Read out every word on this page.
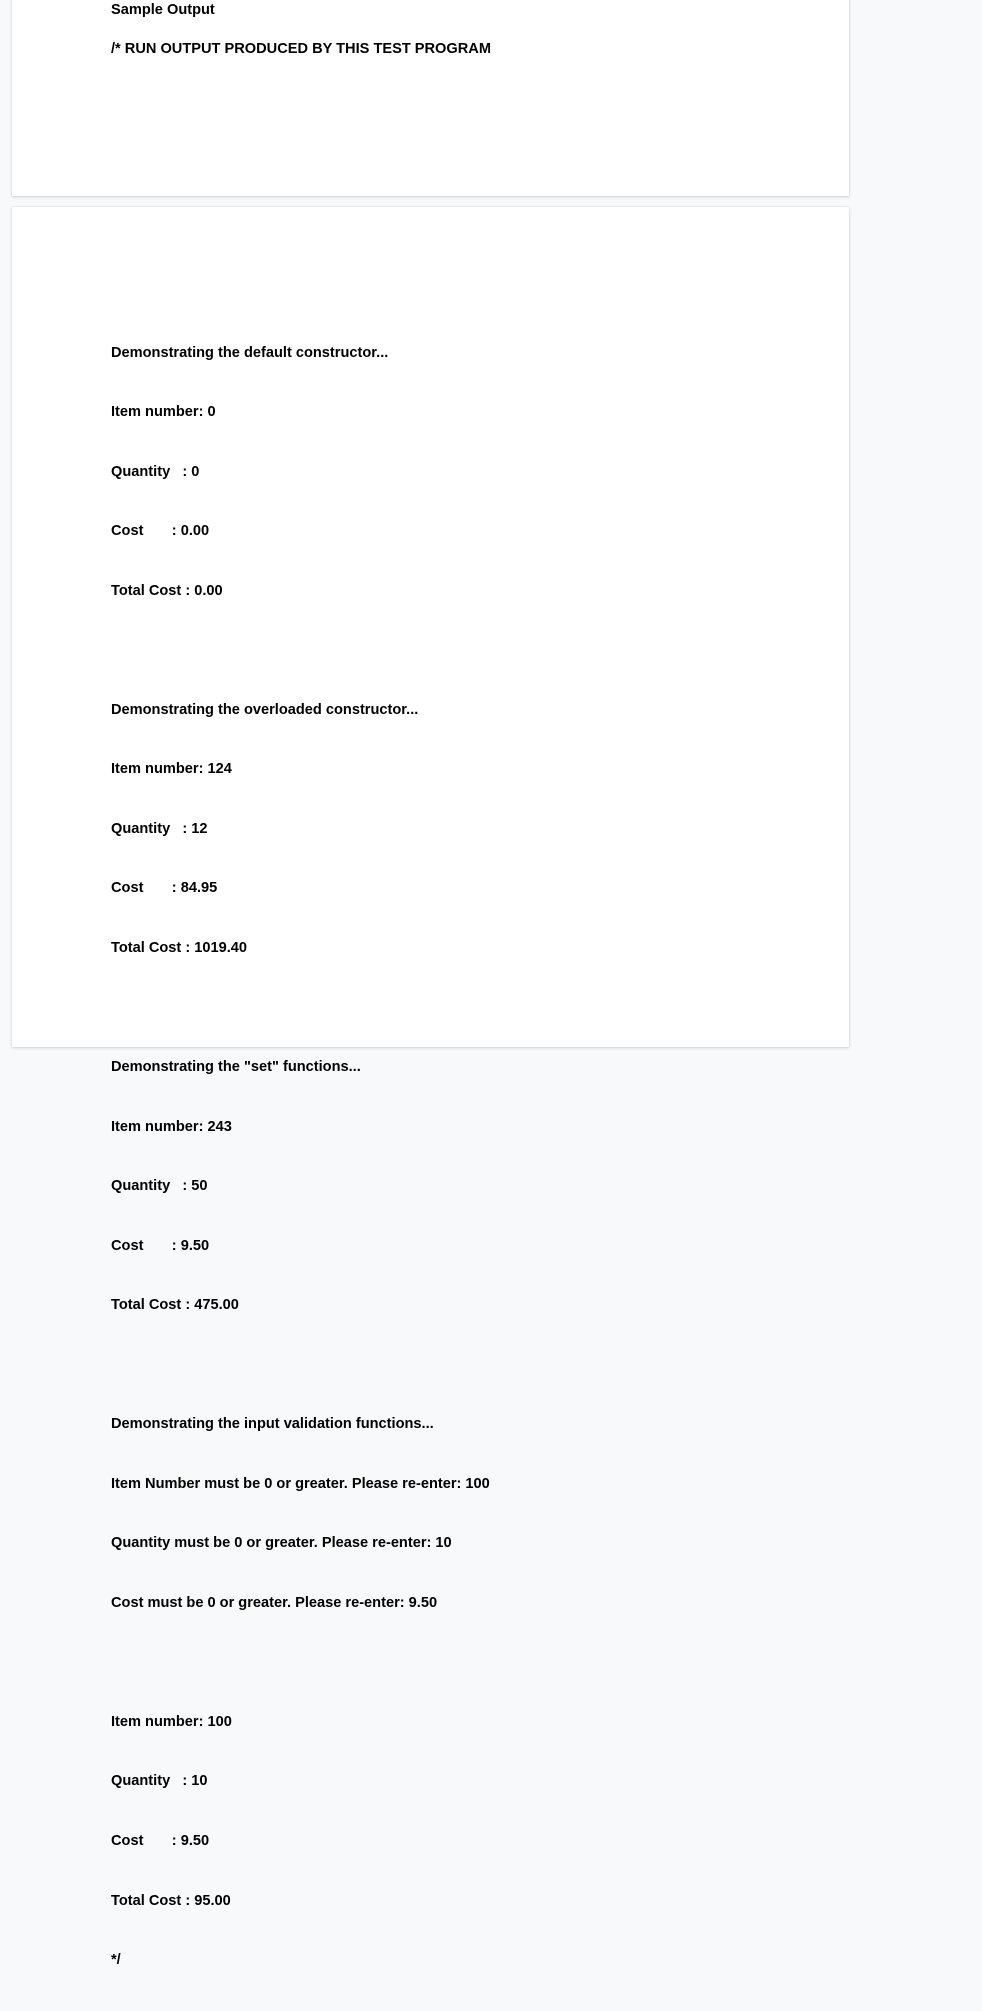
Sample Output
/* RUN OUTPUT PRODUCED BY THIS TEST PROGRAM

Demonstrating the default constructor...

Item number: 0

Quantity   : 0

Cost       : 0.00

Total Cost : 0.00

Demonstrating the overloaded constructor...

Item number: 124

Quantity   : 12

Cost       : 84.95

Total Cost : 1019.40

Demonstrating the "set" functions...

Item number: 243

Quantity   : 50

Cost       : 9.50

Total Cost : 475.00

Demonstrating the input validation functions...

Item Number must be 0 or greater. Please re-enter: 100

Quantity must be 0 or greater. Please re-enter: 10

Cost must be 0 or greater. Please re-enter: 9.50

Item number: 100

Quantity   : 10

Cost       : 9.50

Total Cost : 95.00

*/
